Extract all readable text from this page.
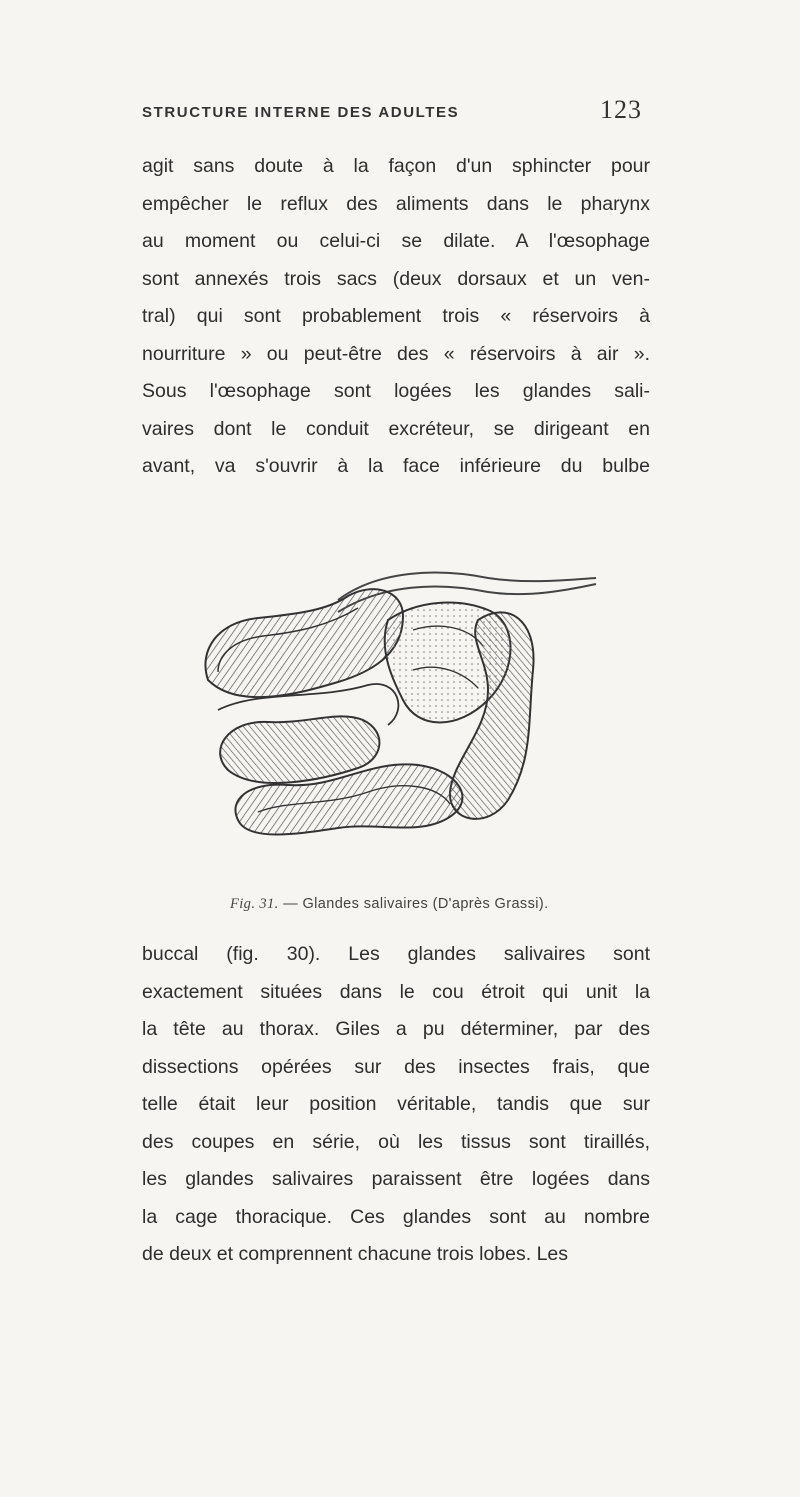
STRUCTURE INTERNE DES ADULTES	123
agit sans doute à la façon d'un sphincter pour
empêcher le reflux des aliments dans le pharynx
au moment ou celui-ci se dilate. A l'œsophage
sont annexés trois sacs (deux dorsaux et un ven-
tral) qui sont probablement trois « réservoirs à
nourriture » ou peut-être des « réservoirs à air ».
Sous l'œsophage sont logées les glandes sali-
vaires dont le conduit excréteur, se dirigeant en
avant, va s'ouvrir à la face inférieure du bulbe
Fig. 31. — Glandes salivaires (D'après Grassi).
buccal (fig. 30). Les glandes salivaires sont
exactement situées dans le cou étroit qui unit la
la tête au thorax. Giles a pu déterminer, par des
dissections opérées sur des insectes frais, que
telle était leur position véritable, tandis que sur
des coupes en série, où les tissus sont tiraillés,
les glandes salivaires paraissent être logées dans
la cage thoracique. Ces glandes sont au nombre
de deux et comprennent chacune trois lobes. Les
